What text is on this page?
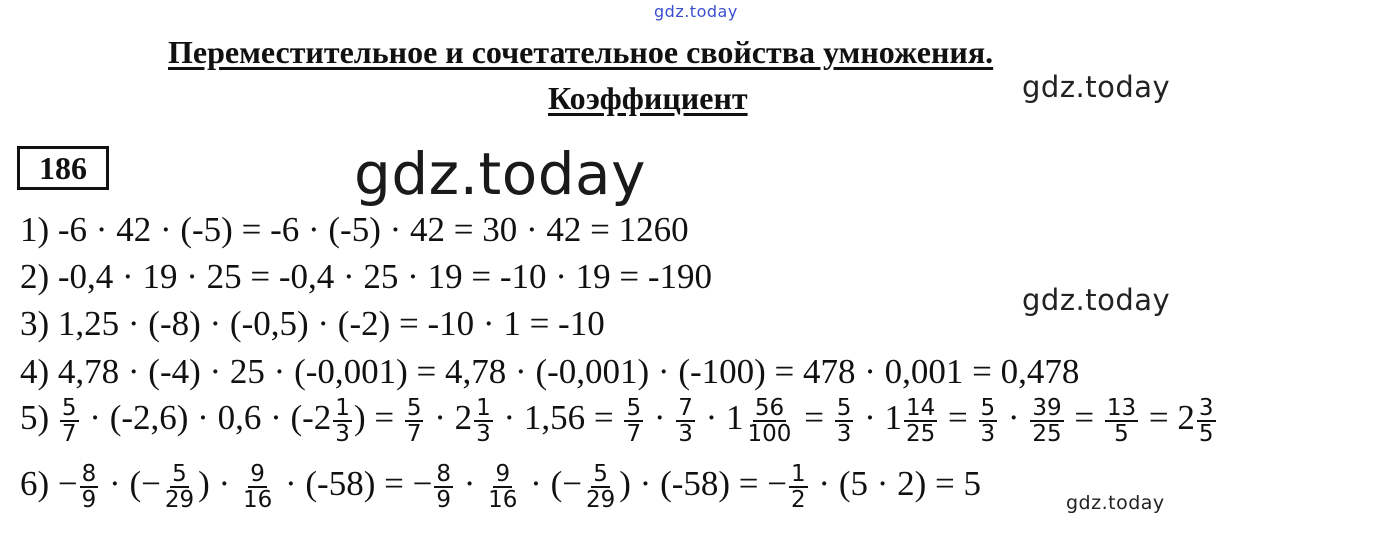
gdz.today
Переместительное и сочетательное свойства умножения.
Коэффициент	gdz.today
186	gdz.today
1) -6 · 42 · (-5) = -6 · (-5) · 42 = 30 · 42 = 1260
2) -0,4 · 19 · 25 = -0,4 · 25 · 19 = -10 · 19 = -190
gdz.today
3) 1,25 · (-8) · (-0,5) · (-2) = -10 · 1 = -10
4) 4,78 · (-4) · 25 · (-0,001) = 4,78 · (-0,001) · (-100) = 478 · 0,001 = 0,478
$5) \frac{5}{7} \cdot (-2,6) \cdot 0,6 \cdot (-2 \frac{1}{3}$ ) = $\frac{5}{7} \cdot 2 \frac{1}{3} \cdot 1,56 = \frac{5}{7} \cdot \frac{7}{3} \cdot 1 \frac{56}{100} = \frac{5}{3} \cdot 1 \frac{14}{25} = \frac{5}{3} \cdot \frac{39}{25} = \frac{13}{5} = 2 \frac{3}{5}$
$6) - \frac{8}{9}$ · (− $\frac{5}{29}$ ) · $\frac{9}{16} \cdot (-58)$ = − $\frac{8}{9} \cdot \frac{9}{16}$ · (− $\frac{5}{29}$ ) · (-58) = − $\frac{1}{2} \cdot (5 \cdot 2) = 5$	gdz.today
